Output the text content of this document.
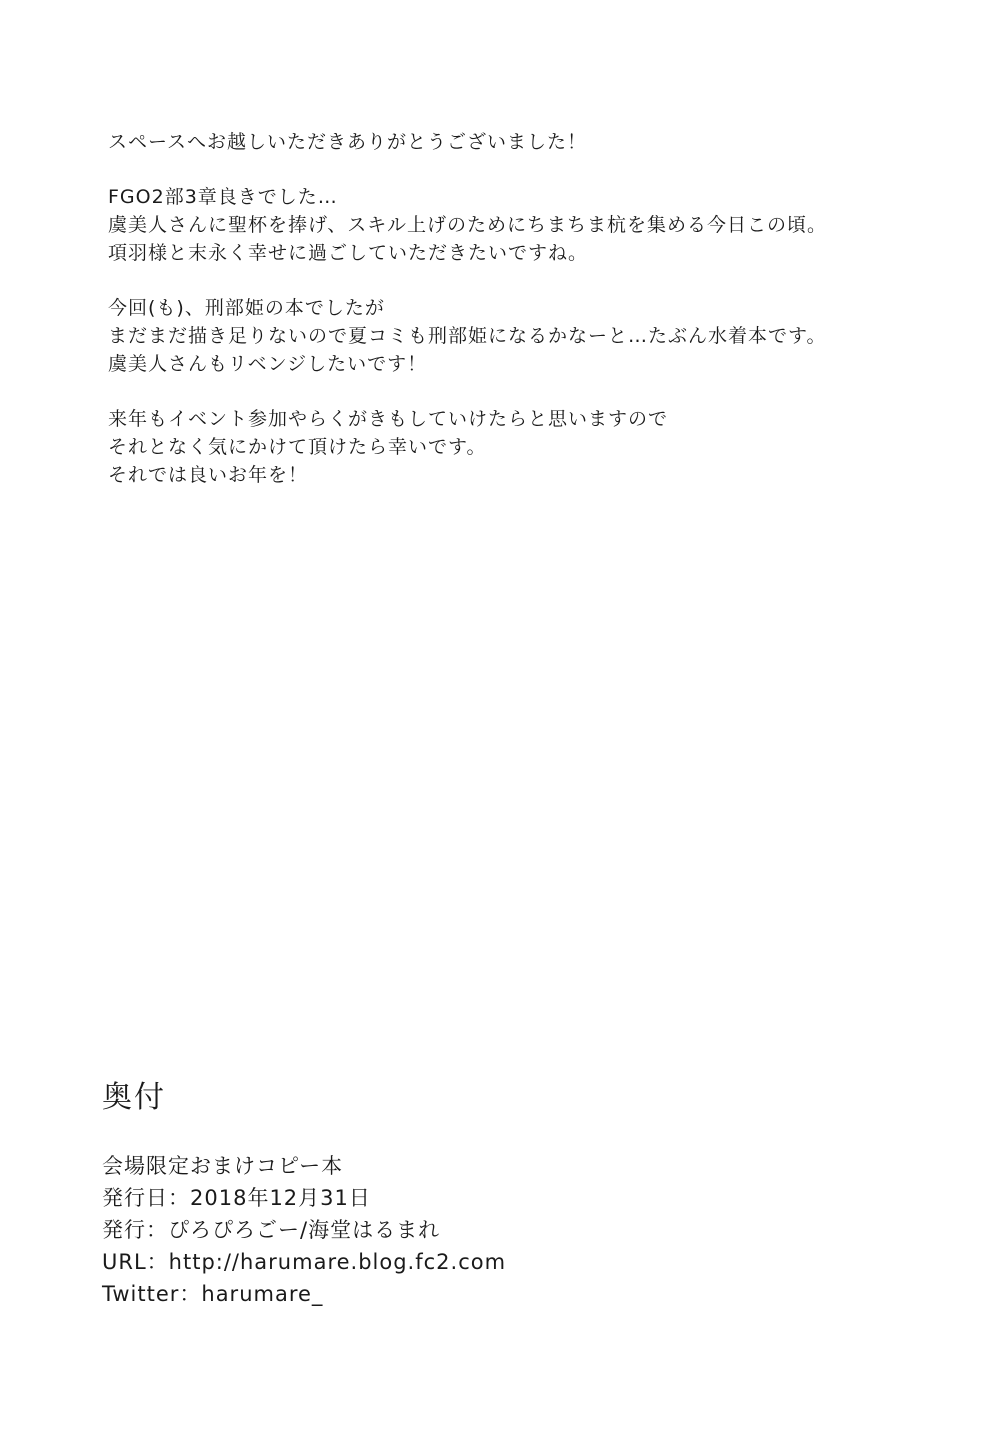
スペースへお越しいただきありがとうございました！
FGO2部3章良きでした…
虞美人さんに聖杯を捧げ、スキル上げのためにちまちま杭を集める今日この頃。
項羽様と末永く幸せに過ごしていただきたいですね。
今回(も)、刑部姫の本でしたが
まだまだ描き足りないので夏コミも刑部姫になるかなーと…たぶん水着本です。
虞美人さんもリベンジしたいです！
来年もイベント参加やらくがきもしていけたらと思いますので
それとなく気にかけて頂けたら幸いです。
それでは良いお年を！
奥付
会場限定おまけコピー本
発行日：2018年12月31日
発行：ぴろぴろごー/海堂はるまれ
URL：http://harumare.blog.fc2.com
Twitter：harumare_
